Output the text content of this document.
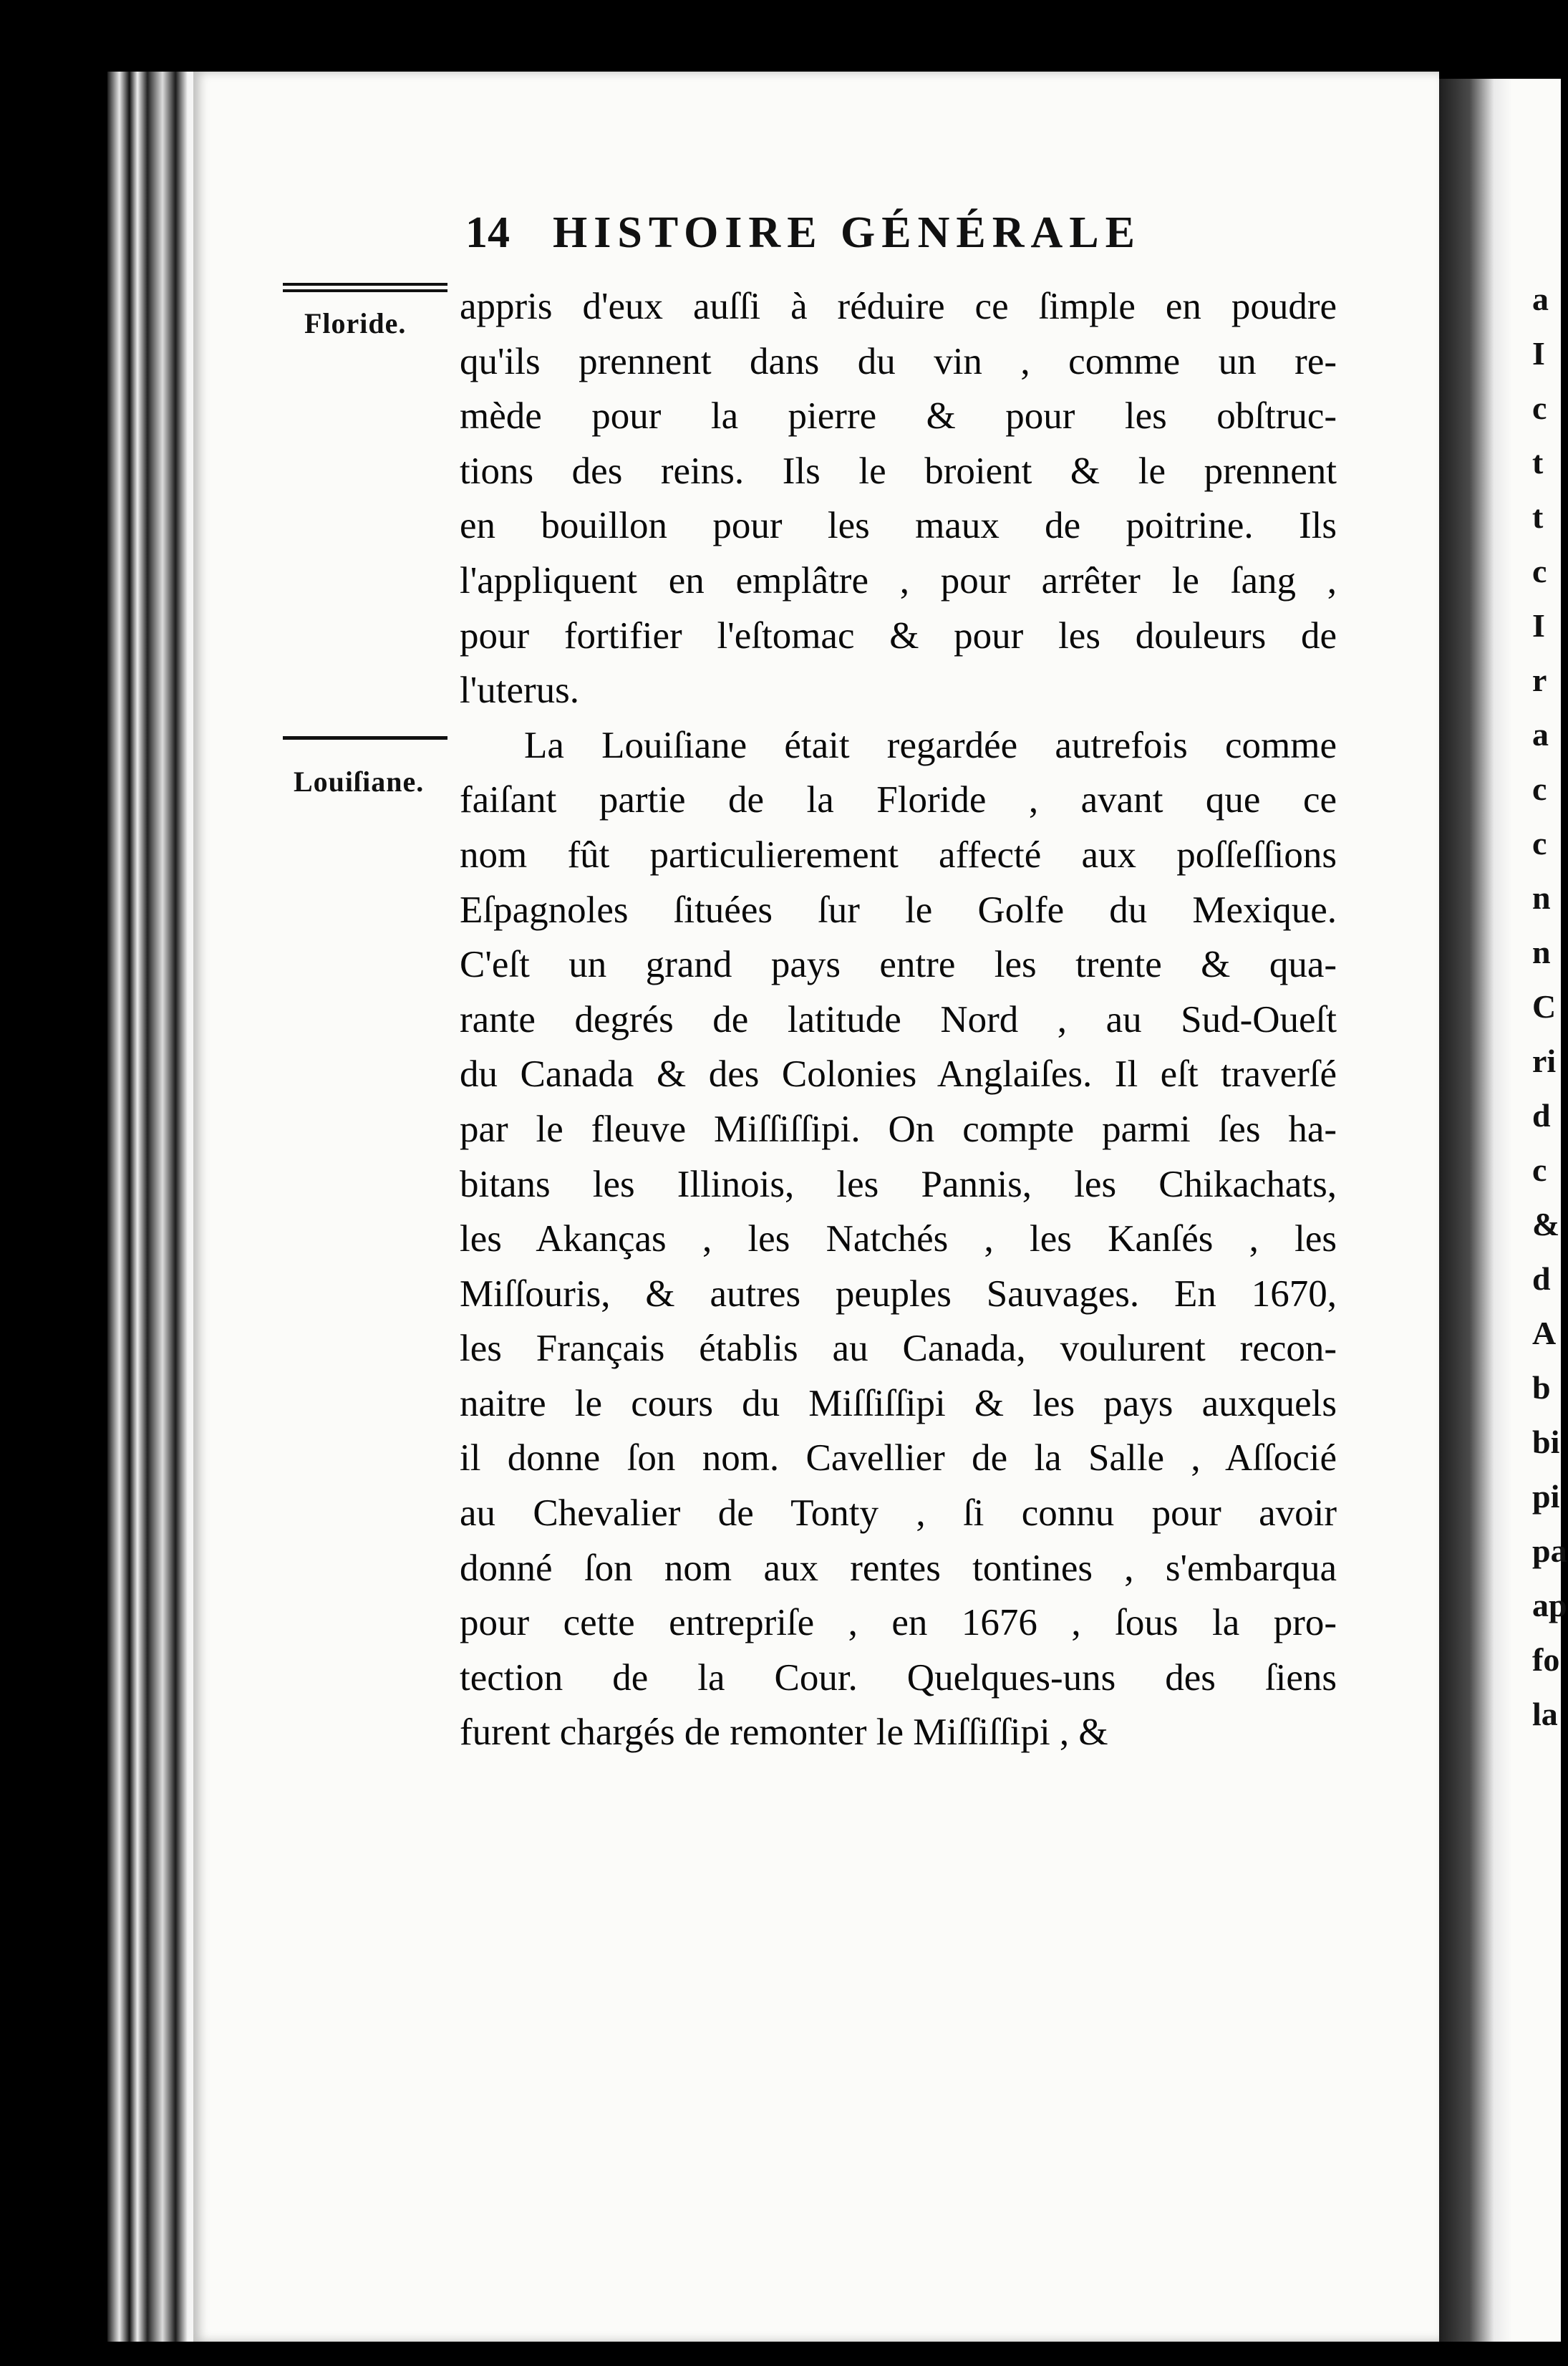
a
I
c
t
t
c
I
r
a
c
c
n
n
C
ri
d
c
&
d
A
b
bi
pi
pa
ap
fo
la
14 HISTOIRE GÉNÉRALE
Floride.
Louiſiane.
appris d'eux auſſi à réduire ce ſimple en poudre
qu'ils prennent dans du vin , comme un re-
mède pour la pierre & pour les obſtruc-
tions des reins. Ils le broient & le prennent
en bouillon pour les maux de poitrine. Ils
l'appliquent en emplâtre , pour arrêter le ſang ,
pour fortifier l'eſtomac & pour les douleurs de
l'uterus.
La Louiſiane était regardée autrefois comme
faiſant partie de la Floride , avant que ce
nom fût particulierement affecté aux poſſeſſions
Eſpagnoles ſituées ſur le Golfe du Mexique.
C'eſt un grand pays entre les trente & qua-
rante degrés de latitude Nord , au Sud-Oueſt
du Canada & des Colonies Anglaiſes. Il eſt traverſé
par le fleuve Miſſiſſipi. On compte parmi ſes ha-
bitans les Illinois, les Pannis, les Chikachats,
les Akanças , les Natchés , les Kanſés , les
Miſſouris, & autres peuples Sauvages. En 1670,
les Français établis au Canada, voulurent recon-
naitre le cours du Miſſiſſipi & les pays auxquels
il donne ſon nom. Cavellier de la Salle , Aſſocié
au Chevalier de Tonty , ſi connu pour avoir
donné ſon nom aux rentes tontines , s'embarqua
pour cette entrepriſe , en 1676 , ſous la pro-
tection de la Cour. Quelques-uns des ſiens
furent chargés de remonter le Miſſiſſipi , &
